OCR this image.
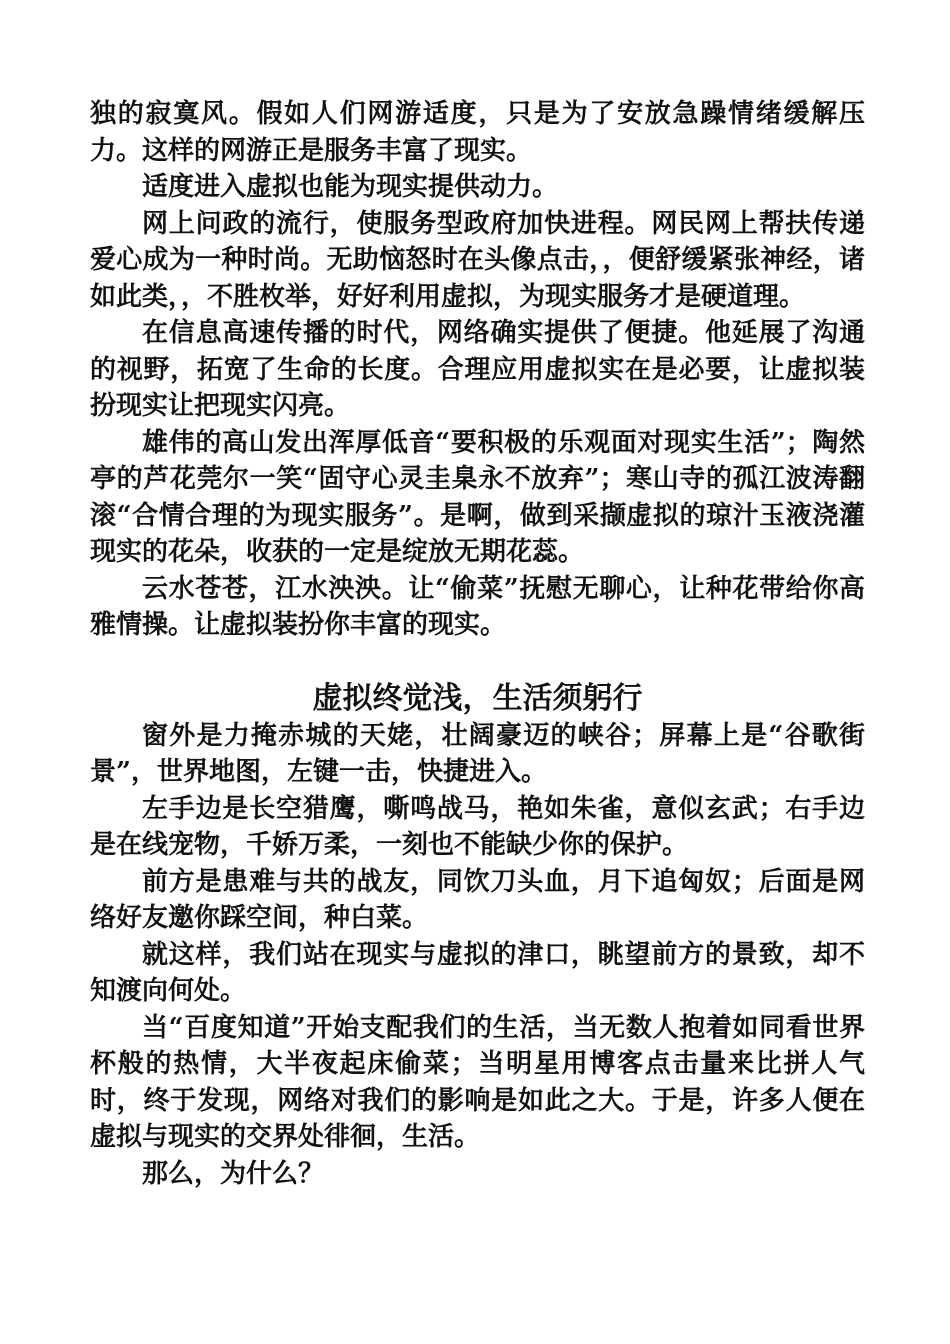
独的寂寞风。假如人们网游适度，只是为了安放急躁情绪缓解压力。这样的网游正是服务丰富了现实。

适度进入虚拟也能为现实提供动力。

网上问政的流行，使服务型政府加快进程。网民网上帮扶传递爱心成为一种时尚。无助恼怒时在头像点击，，便舒缓紧张神经，诸如此类，，不胜枚举，好好利用虚拟，为现实服务才是硬道理。

在信息高速传播的时代，网络确实提供了便捷。他延展了沟通的视野，拓宽了生命的长度。合理应用虚拟实在是必要，让虚拟装扮现实让把现实闪亮。

雄伟的高山发出浑厚低音“要积极的乐观面对现实生活”；陶然亭的芦花莞尔一笑“固守心灵圭臬永不放弃”；寒山寺的孤江波涛翻滚“合情合理的为现实服务”。是啊，做到采撷虚拟的琼汁玉液浇灌现实的花朵，收获的一定是绽放无期花蕊。

云水苍苍，江水泱泱。让“偷菜”抚慰无聊心，让种花带给你高雅情操。让虚拟装扮你丰富的现实。

虚拟终觉浅，生活须躬行

窗外是力掩赤城的天姥，壮阔豪迈的峡谷；屏幕上是“谷歌街景”，世界地图，左键一击，快捷进入。

左手边是长空猎鹰，嘶鸣战马，艳如朱雀，意似玄武；右手边是在线宠物，千娇万柔，一刻也不能缺少你的保护。

前方是患难与共的战友，同饮刀头血，月下追匈奴；后面是网络好友邀你踩空间，种白菜。

就这样，我们站在现实与虚拟的津口，眺望前方的景致，却不知渡向何处。

当“百度知道”开始支配我们的生活，当无数人抱着如同看世界杯般的热情，大半夜起床偷菜；当明星用博客点击量来比拼人气时，终于发现，网络对我们的影响是如此之大。于是，许多人便在虚拟与现实的交界处徘徊，生活。

那么，为什么？
